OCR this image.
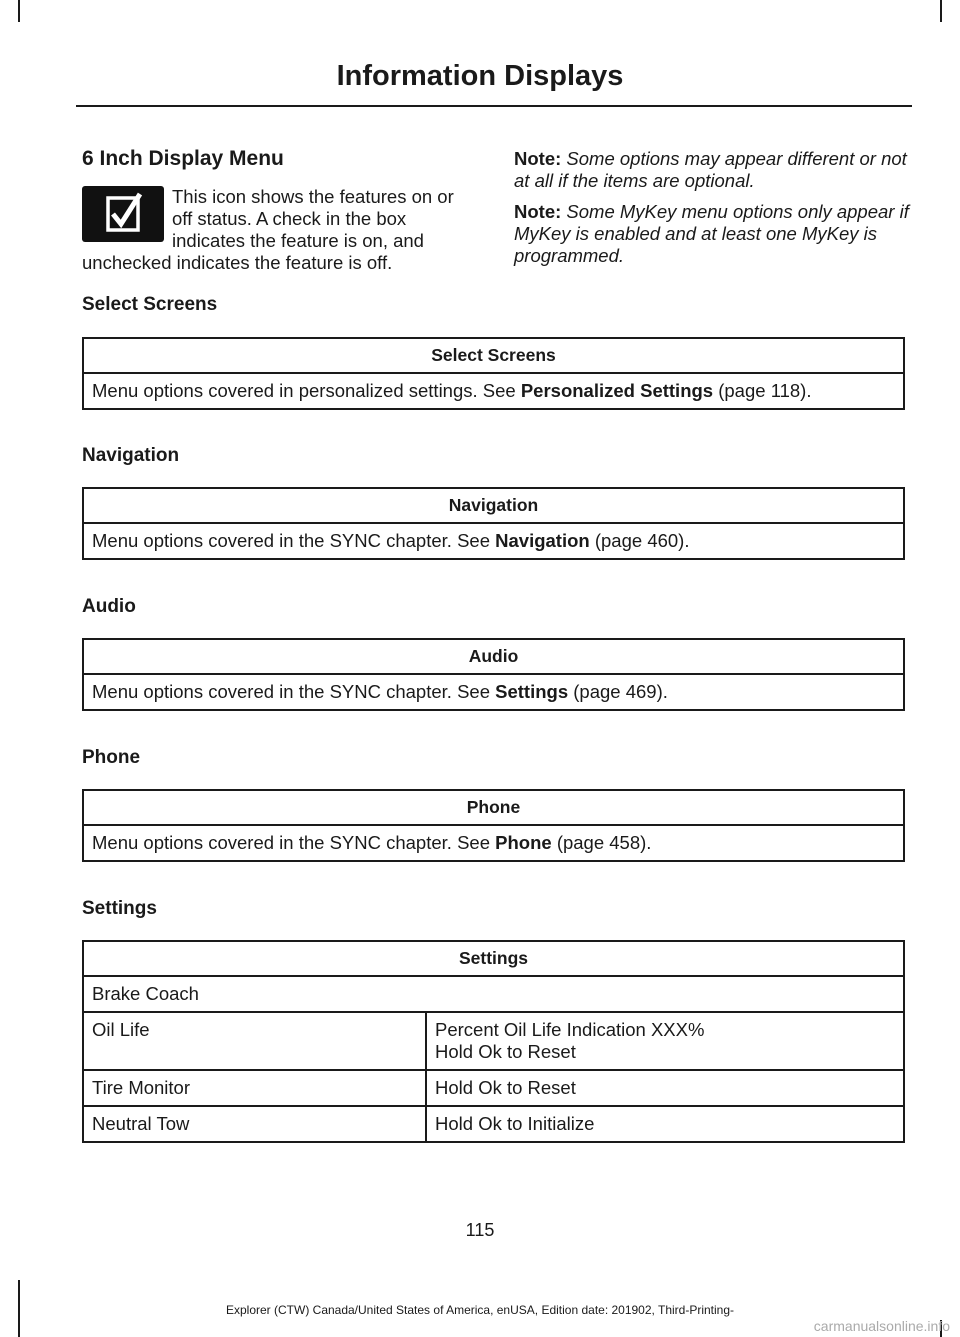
Information Displays
6 Inch Display Menu
This icon shows the features on or off status. A check in the box indicates the feature is on, and unchecked indicates the feature is off.
Note: Some options may appear different or not at all if the items are optional.
Note: Some MyKey menu options only appear if MyKey is enabled and at least one MyKey is programmed.
Select Screens
Select Screens
Menu options covered in personalized settings. See Personalized Settings (page 118).
Navigation
Navigation
Menu options covered in the SYNC chapter. See Navigation (page 460).
Audio
Audio
Menu options covered in the SYNC chapter. See Settings (page 469).
Phone
Phone
Menu options covered in the SYNC chapter. See Phone (page 458).
Settings
Settings	
Brake Coach	
Oil Life	Percent Oil Life Indication XXX%
Hold Ok to Reset

Tire Monitor	Hold Ok to Reset
Neutral Tow	Hold Ok to Initialize
115
Explorer (CTW) Canada/United States of America, enUSA, Edition date: 201902, Third-Printing-
carmanualsonline.info
